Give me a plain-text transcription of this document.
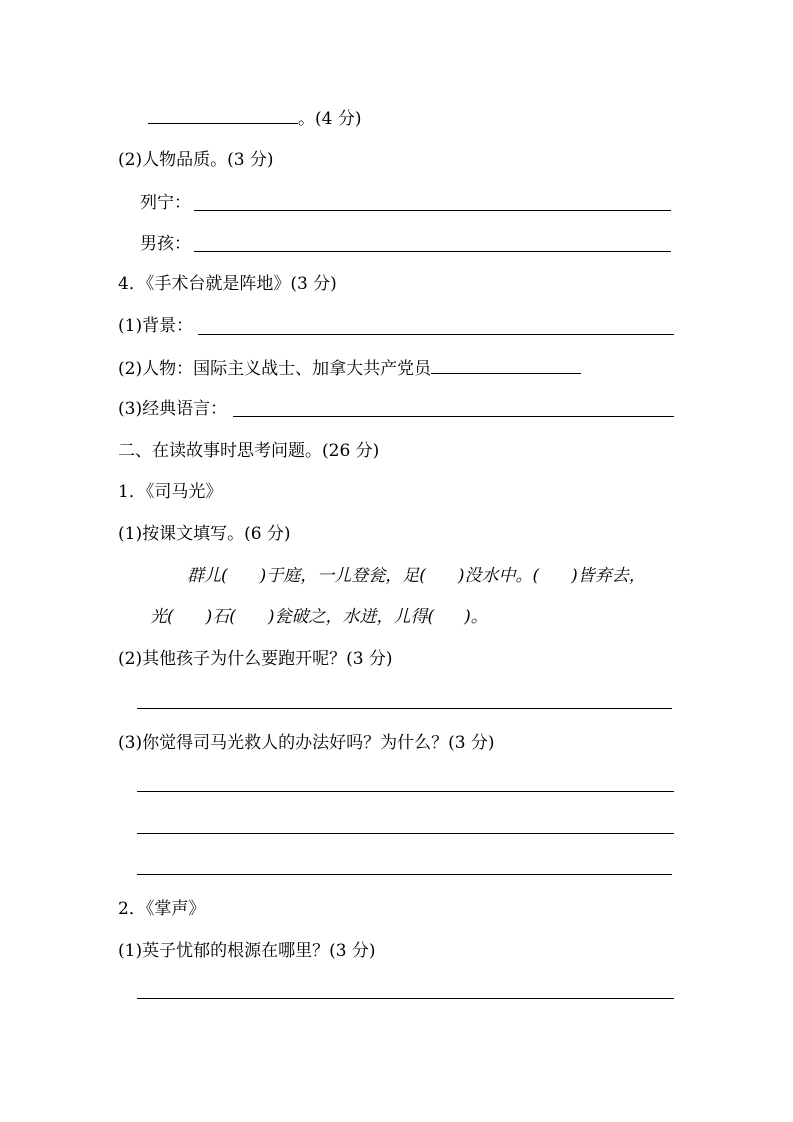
。(4 分)
(2)人物品质。(3 分)
列宁：
男孩：
4．《手术台就是阵地》(3 分)
(1)背景：
(2)人物：国际主义战士、加拿大共产党员
(3)经典语言：
二、在读故事时思考问题。(26 分)
1．《司马光》
(1)按课文填写。(6 分)
群儿( )于庭，一儿登瓮，足( )没水中。( )皆弃去，
光( )石( )瓮破之，水迸，儿得( )。
(2)其他孩子为什么要跑开呢？(3 分)
(3)你觉得司马光救人的办法好吗？为什么？(3 分)
2．《掌声》
(1)英子忧郁的根源在哪里？(3 分)
